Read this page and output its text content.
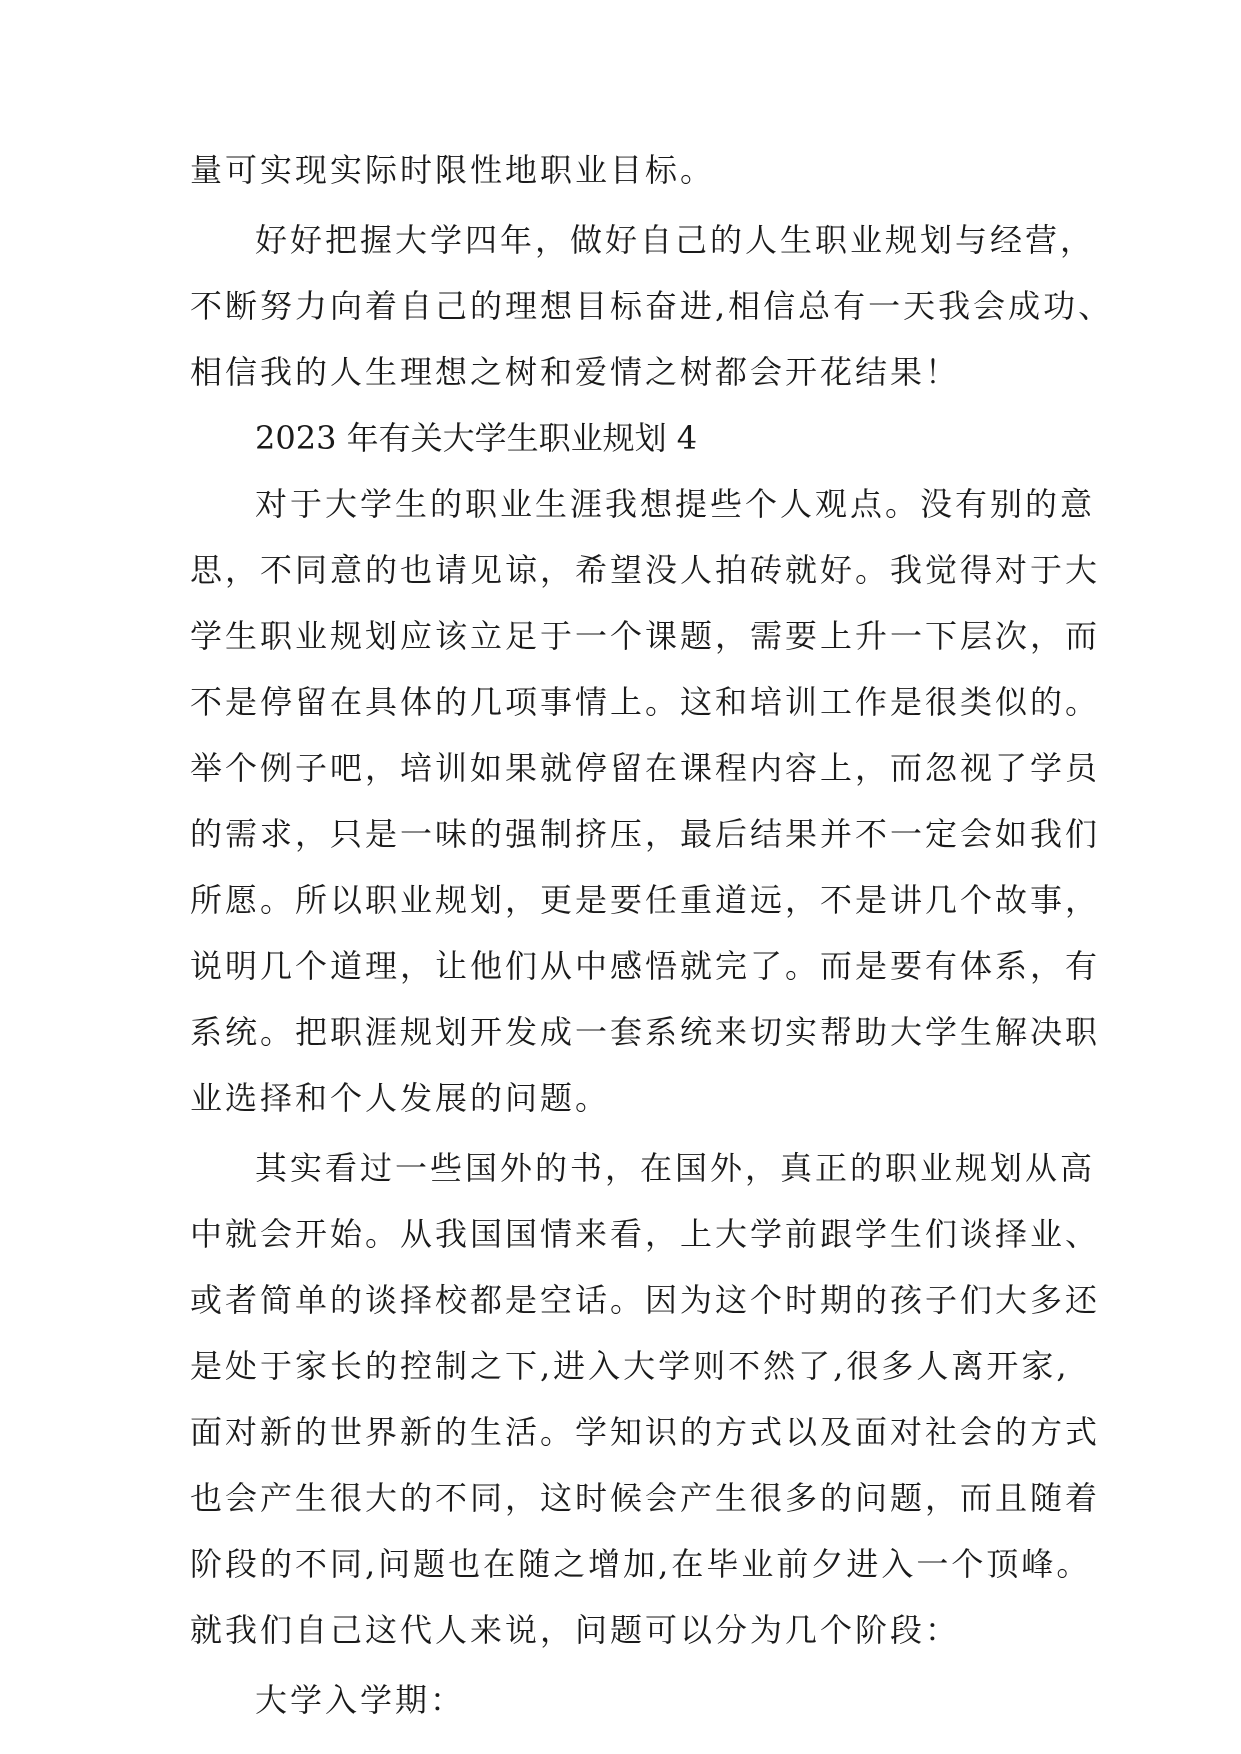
量可实现实际时限性地职业目标。
好好把握大学四年，做好自己的人生职业规划与经营，
不断努力向着自己的理想目标奋进,相信总有一天我会成功、
相信我的人生理想之树和爱情之树都会开花结果！
2023 年有关大学生职业规划 4
对于大学生的职业生涯我想提些个人观点。没有别的意
思，不同意的也请见谅，希望没人拍砖就好。我觉得对于大
学生职业规划应该立足于一个课题，需要上升一下层次，而
不是停留在具体的几项事情上。这和培训工作是很类似的。
举个例子吧，培训如果就停留在课程内容上，而忽视了学员
的需求，只是一味的强制挤压，最后结果并不一定会如我们
所愿。所以职业规划，更是要任重道远，不是讲几个故事，
说明几个道理，让他们从中感悟就完了。而是要有体系，有
系统。把职涯规划开发成一套系统来切实帮助大学生解决职
业选择和个人发展的问题。
其实看过一些国外的书，在国外，真正的职业规划从高
中就会开始。从我国国情来看，上大学前跟学生们谈择业、
或者简单的谈择校都是空话。因为这个时期的孩子们大多还
是处于家长的控制之下,进入大学则不然了,很多人离开家,
面对新的世界新的生活。学知识的方式以及面对社会的方式
也会产生很大的不同，这时候会产生很多的问题，而且随着
阶段的不同,问题也在随之增加,在毕业前夕进入一个顶峰。
就我们自己这代人来说，问题可以分为几个阶段：
大学入学期：
